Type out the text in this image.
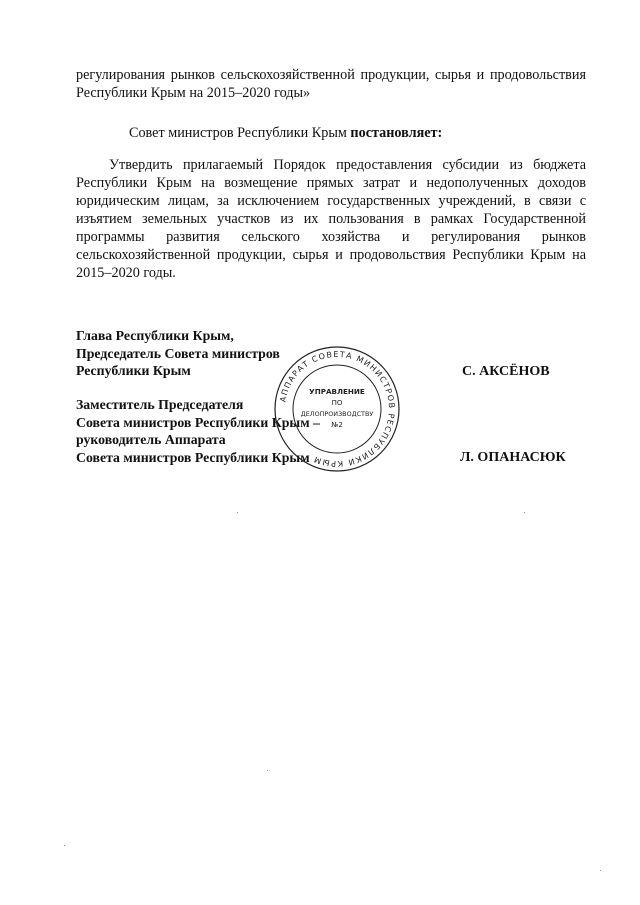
регулирования рынков сельскохозяйственной продукции, сырья и продовольствия Республики Крым на 2015–2020 годы»

Совет министров Республики Крым постановляет:

Утвердить прилагаемый Порядок предоставления субсидии из бюджета Республики Крым на возмещение прямых затрат и недополученных доходов юридическим лицам, за исключением государственных учреждений, в связи с изъятием земельных участков из их пользования в рамках Государственной программы развития сельского хозяйства и регулирования рынков сельскохозяйственной продукции, сырья и продовольствия Республики Крым на 2015–2020 годы.

Глава Республики Крым,
Председатель Совета министров
Республики Крым	С. АКСЁНОВ
Заместитель Председателя
Совета министров Республики Крым –
руководитель Аппарата
Совета министров Республики Крым	Л. ОПАНАСЮК
АППАРАТ СОВЕТА МИНИСТРОВ РЕСПУБЛИКИ КРЫМ
УПРАВЛЕНИЕ
ПО
ДЕЛОПРОИЗВОДСТВУ
№2
